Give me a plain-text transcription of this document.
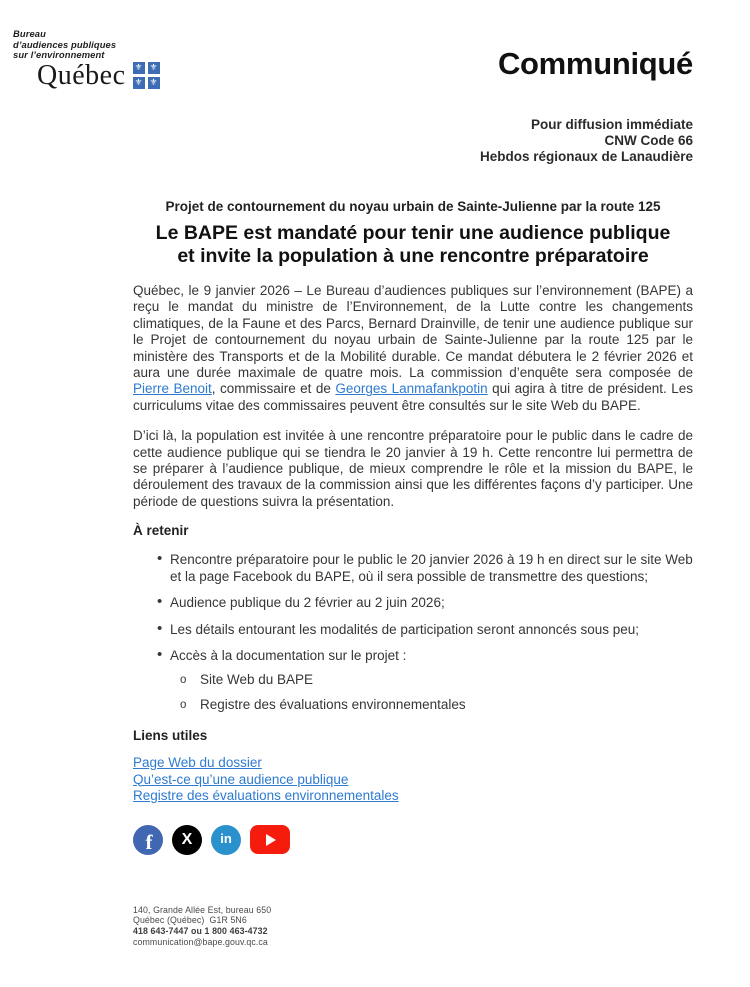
Bureau
d’audiences publiques
sur l’environnement
Québec ⚜ ⚜
⚜ ⚜
Communiqué
Pour diffusion immédiate
CNW Code 66
Hebdos régionaux de Lanaudière
Projet de contournement du noyau urbain de Sainte-Julienne par la route 125
Le BAPE est mandaté pour tenir une audience publique
et invite la population à une rencontre préparatoire

Québec, le 9 janvier 2026 – Le Bureau d’audiences publiques sur l’environnement (BAPE) a reçu le mandat du ministre de l’Environnement, de la Lutte contre les changements climatiques, de la Faune et des Parcs, Bernard Drainville, de tenir une audience publique sur le Projet de contournement du noyau urbain de Sainte-Julienne par la route 125 par le ministère des Transports et de la Mobilité durable. Ce mandat débutera le 2 février 2026 et aura une durée maximale de quatre mois. La commission d’enquête sera composée de Pierre Benoit, commissaire et de Georges Lanmafankpotin qui agira à titre de président. Les curriculums vitae des commissaires peuvent être consultés sur le site Web du BAPE.

D’ici là, la population est invitée à une rencontre préparatoire pour le public dans le cadre de cette audience publique qui se tiendra le 20 janvier à 19 h. Cette rencontre lui permettra de se préparer à l’audience publique, de mieux comprendre le rôle et la mission du BAPE, le déroulement des travaux de la commission ainsi que les différentes façons d’y participer. Une période de questions suivra la présentation.

À retenir
• Rencontre préparatoire pour le public le 20 janvier 2026 à 19 h en direct sur le site Web et la page Facebook du BAPE, où il sera possible de transmettre des questions;
• Audience publique du 2 février au 2 juin 2026;
• Les détails entourant les modalités de participation seront annoncés sous peu;
• Accès à la documentation sur le projet :
o Site Web du BAPE
o Registre des évaluations environnementales
Liens utiles
Page Web du dossier
Qu’est-ce qu’une audience publique
Registre des évaluations environnementales
f X in
140, Grande Allée Est, bureau 650
Québec (Québec)  G1R 5N6
418 643-7447 ou 1 800 463-4732
communication@bape.gouv.qc.ca
